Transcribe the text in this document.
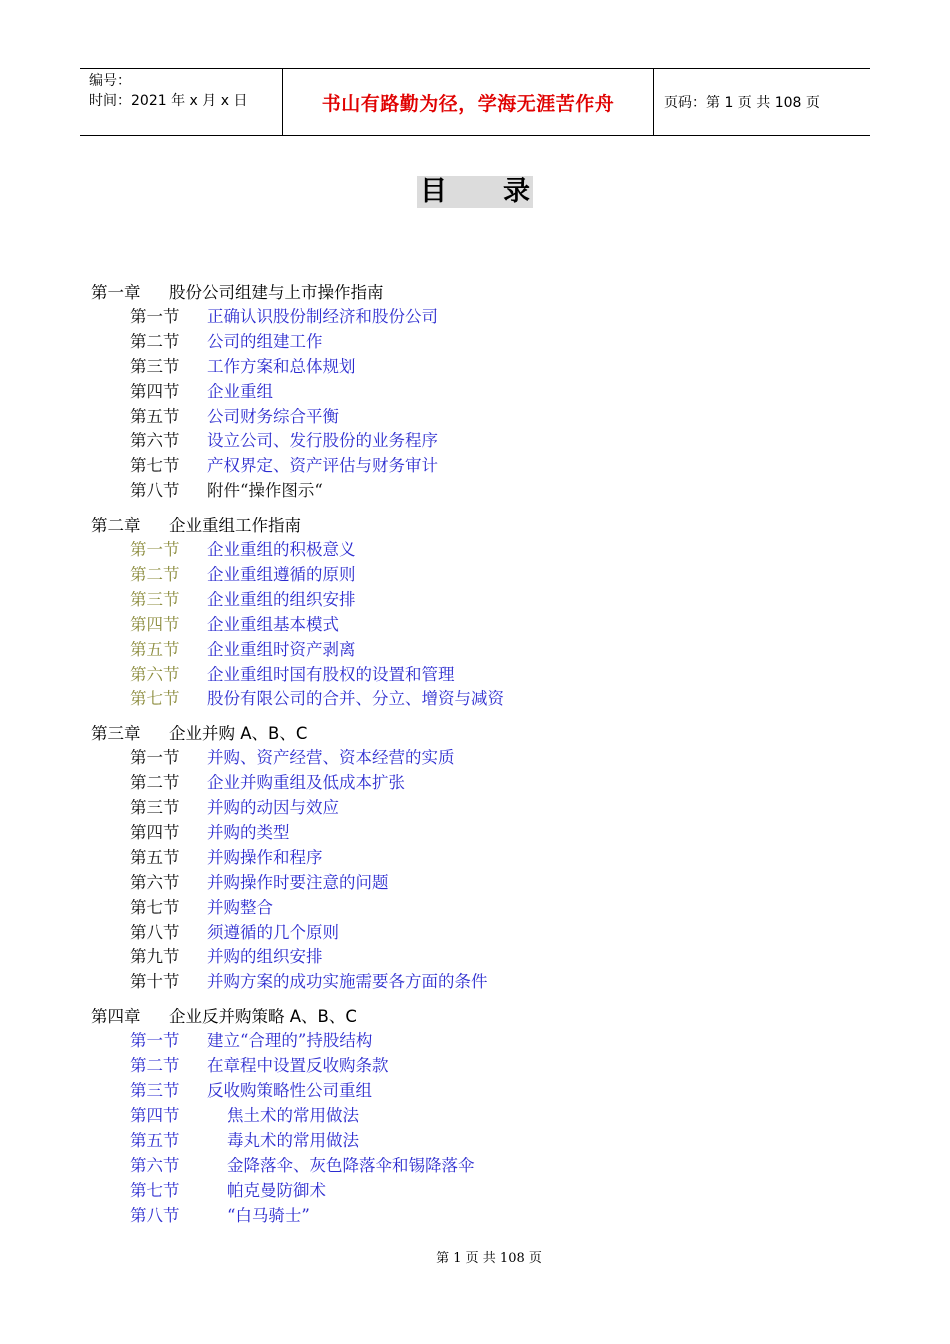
编号：
时间：2021 年 x 月 x 日	书山有路勤为径，学海无涯苦作舟	页码：第 1 页 共 108 页
目 录
第一章 股份公司组建与上市操作指南
第一节 正确认识股份制经济和股份公司
第二节 公司的组建工作
第三节 工作方案和总体规划
第四节 企业重组
第五节 公司财务综合平衡
第六节 设立公司、发行股份的业务程序
第七节 产权界定、资产评估与财务审计
第八节 附件“操作图示“
第二章 企业重组工作指南
第一节 企业重组的积极意义
第二节 企业重组遵循的原则
第三节 企业重组的组织安排
第四节 企业重组基本模式
第五节 企业重组时资产剥离
第六节 企业重组时国有股权的设置和管理
第七节 股份有限公司的合并、分立、增资与减资
第三章 企业并购 A、B、C
第一节 并购、资产经营、资本经营的实质
第二节 企业并购重组及低成本扩张
第三节 并购的动因与效应
第四节 并购的类型
第五节 并购操作和程序
第六节 并购操作时要注意的问题
第七节 并购整合
第八节 须遵循的几个原则
第九节 并购的组织安排
第十节 并购方案的成功实施需要各方面的条件
第四章 企业反并购策略 A、B、C
第一节 建立“合理的”持股结构
第二节 在章程中设置反收购条款
第三节 反收购策略性公司重组
第四节	焦土术的常用做法
第五节	毒丸术的常用做法
第六节	金降落伞、灰色降落伞和锡降落伞
第七节	帕克曼防御术
第八节	“白马骑士”
第 1 页 共 108 页
